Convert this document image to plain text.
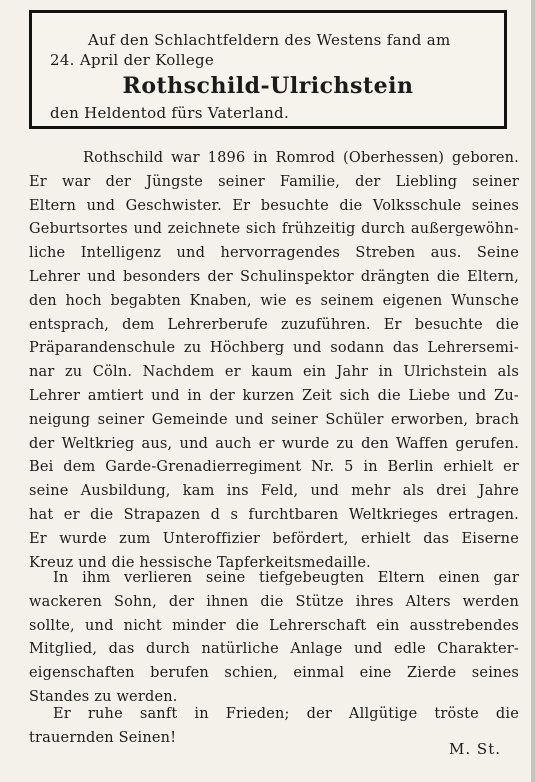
Auf den Schlachtfeldern des Westens fand am
24. April der Kollege
Rothschild-Ulrichstein
den Heldentod fürs Vaterland.
Rothschild war 1896 in Romrod (Oberhessen) geboren.
Er war der Jüngste seiner Familie, der Liebling seiner
Eltern und Geschwister. Er besuchte die Volksschule seines
Geburtsortes und zeichnete sich frühzeitig durch außergewöhn-
liche Intelligenz und hervorragendes Streben aus. Seine
Lehrer und besonders der Schulinspektor drängten die Eltern,
den hoch begabten Knaben, wie es seinem eigenen Wunsche
entsprach, dem Lehrerberufe zuzuführen. Er besuchte die
Präparandenschule zu Höchberg und sodann das Lehrersemi-
nar zu Cöln. Nachdem er kaum ein Jahr in Ulrichstein als
Lehrer amtiert und in der kurzen Zeit sich die Liebe und Zu-
neigung seiner Gemeinde und seiner Schüler erworben, brach
der Weltkrieg aus, und auch er wurde zu den Waffen gerufen.
Bei dem Garde-Grenadierregiment Nr. 5 in Berlin erhielt er
seine Ausbildung, kam ins Feld, und mehr als drei Jahre
hat er die Strapazen d s furchtbaren Weltkrieges ertragen.
Er wurde zum Unteroffizier befördert, erhielt das Eiserne
Kreuz und die hessische Tapferkeitsmedaille.
In ihm verlieren seine tiefgebeugten Eltern einen gar
wackeren Sohn, der ihnen die Stütze ihres Alters werden
sollte, und nicht minder die Lehrerschaft ein ausstrebendes
Mitglied, das durch natürliche Anlage und edle Charakter-
eigenschaften berufen schien, einmal eine Zierde seines
Standes zu werden.
Er ruhe sanft in Frieden; der Allgütige tröste die
trauernden Seinen!
M. St.
